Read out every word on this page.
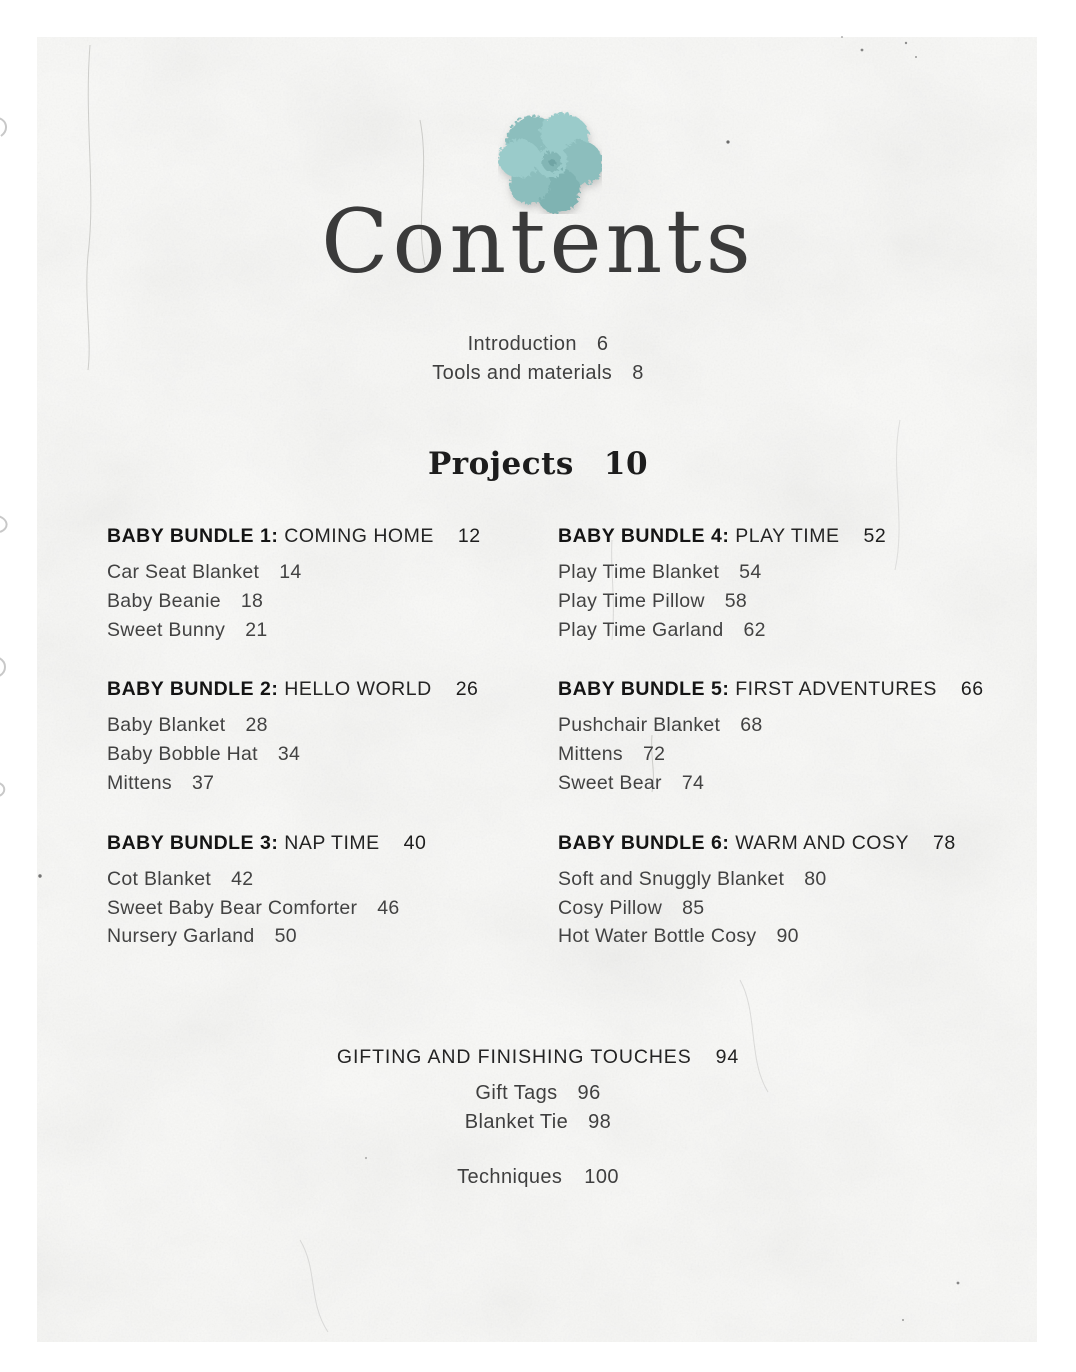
Contents
Introduction 6
Tools and materials 8
Projects 10
BABY BUNDLE 1: COMING HOME 12
Car Seat Blanket 14
Baby Beanie 18
Sweet Bunny 21
BABY BUNDLE 2: HELLO WORLD 26
Baby Blanket 28
Baby Bobble Hat 34
Mittens 37
BABY BUNDLE 3: NAP TIME 40
Cot Blanket 42
Sweet Baby Bear Comforter 46
Nursery Garland 50
BABY BUNDLE 4: PLAY TIME 52
Play Time Blanket 54
Play Time Pillow 58
Play Time Garland 62
BABY BUNDLE 5: FIRST ADVENTURES 66
Pushchair Blanket 68
Mittens 72
Sweet Bear 74
BABY BUNDLE 6: WARM AND COSY 78
Soft and Snuggly Blanket 80
Cosy Pillow 85
Hot Water Bottle Cosy 90
GIFTING AND FINISHING TOUCHES 94
Gift Tags 96
Blanket Tie 98
Techniques 100
